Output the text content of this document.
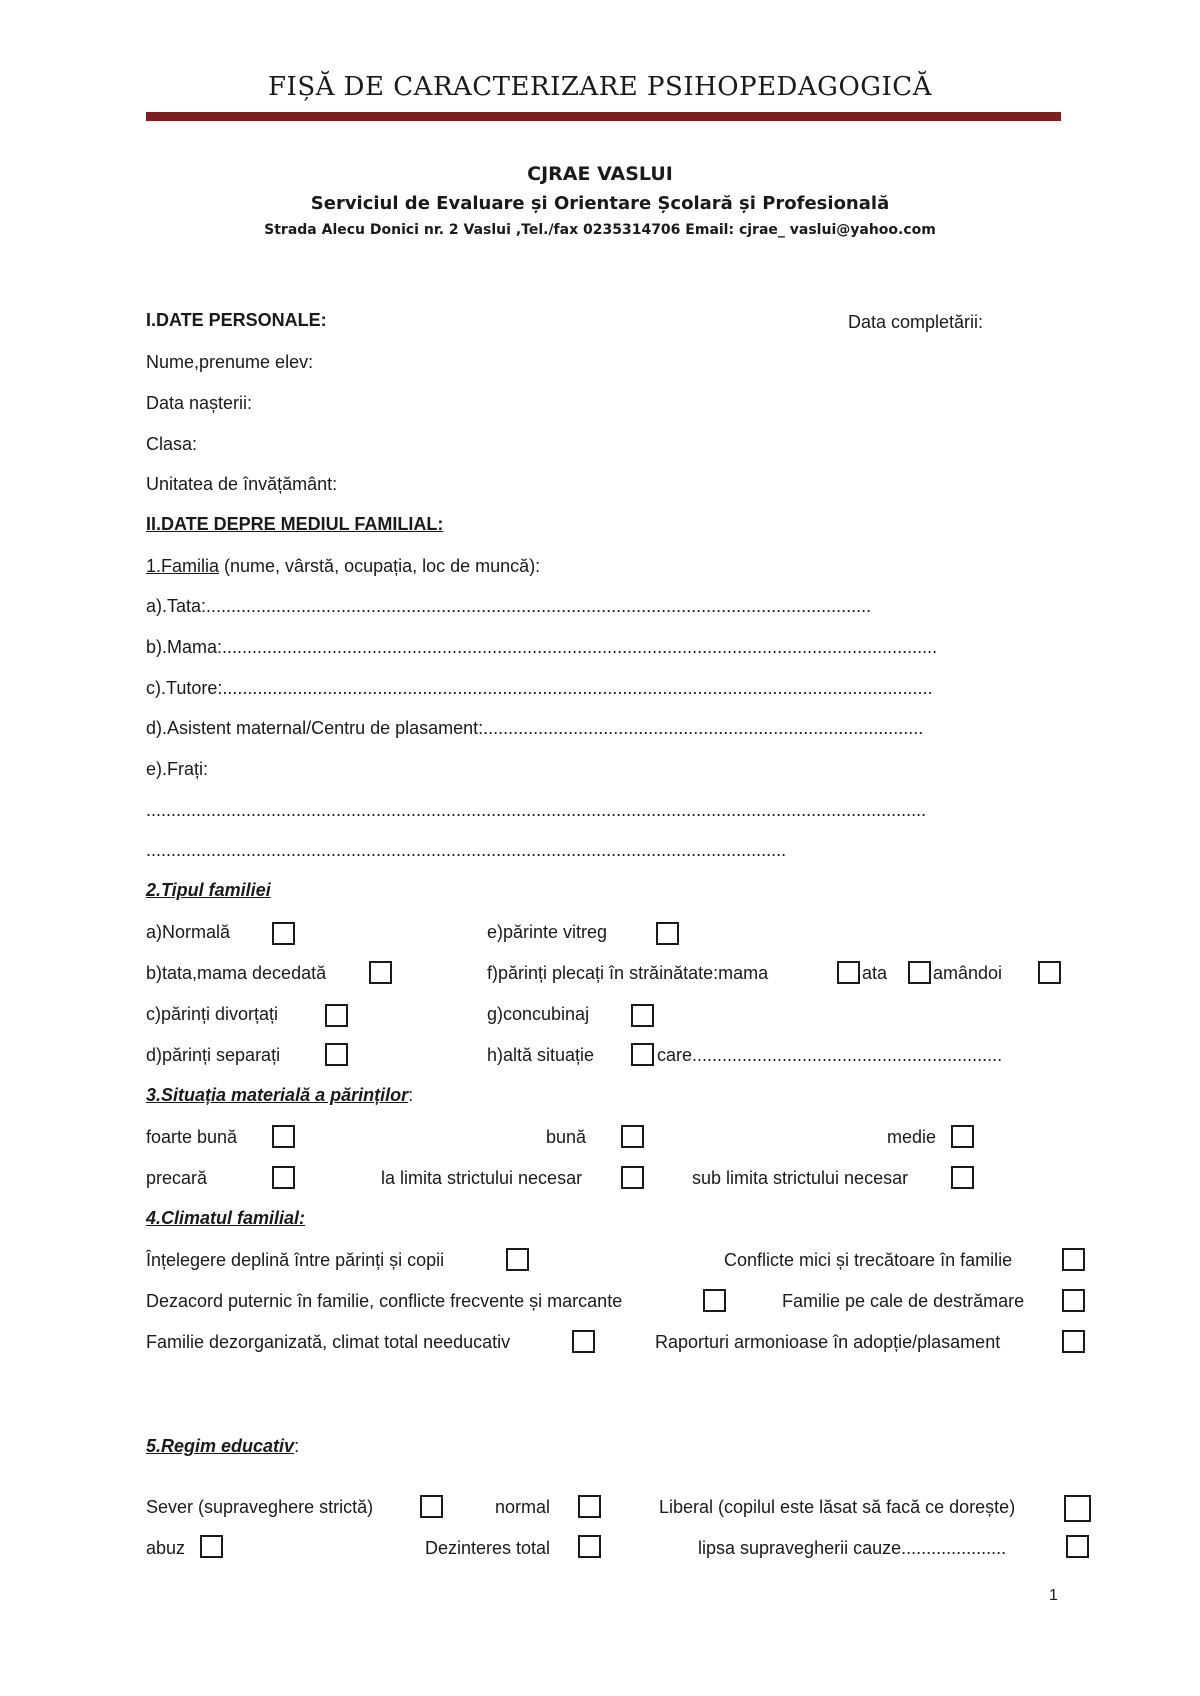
FIȘĂ DE CARACTERIZARE PSIHOPEDAGOGICĂ
CJRAE VASLUI
Serviciul de Evaluare și Orientare Școlară și Profesională
Strada Alecu Donici nr. 2 Vaslui ,Tel./fax 0235314706 Email: cjrae_ vaslui@yahoo.com
I.DATE PERSONALE:	Data completării:
Nume,prenume elev:
Data nașterii:
Clasa:
Unitatea de învățământ:
II.DATE DEPRE MEDIUL FAMILIAL:
1.Familia (nume, vârstă, ocupația, loc de muncă):
a).Tata:.....................................................................................................................................
b).Mama:...............................................................................................................................................
c).Tutore:..............................................................................................................................................
d).Asistent maternal/Centru de plasament:........................................................................................
e).Frați:
............................................................................................................................................................
................................................................................................................................
2.Tipul familiei
a)Normală	e)părinte vitreg
b)tata,mama decedată	f)părinți plecați în străinătate:mama	ata	amândoi
c)părinți divorțați	g)concubinaj
d)părinți separați	h)altă situație	care..............................................................
3.Situația materială a părinților:
foarte bună	bună	medie
precară	la limita strictului necesar	sub limita strictului necesar
4.Climatul familial:
Înțelegere deplină între părinți și copii	Conflicte mici și trecătoare în familie
Dezacord puternic în familie, conflicte frecvente și marcante	Familie pe cale de destrămare
Familie dezorganizată, climat total needucativ	Raporturi armonioase în adopție/plasament
5.Regim educativ:
Sever (supraveghere strictă)	normal	Liberal (copilul este lăsat să facă ce dorește)
abuz	Dezinteres total	lipsa supravegherii cauze.....................
1
